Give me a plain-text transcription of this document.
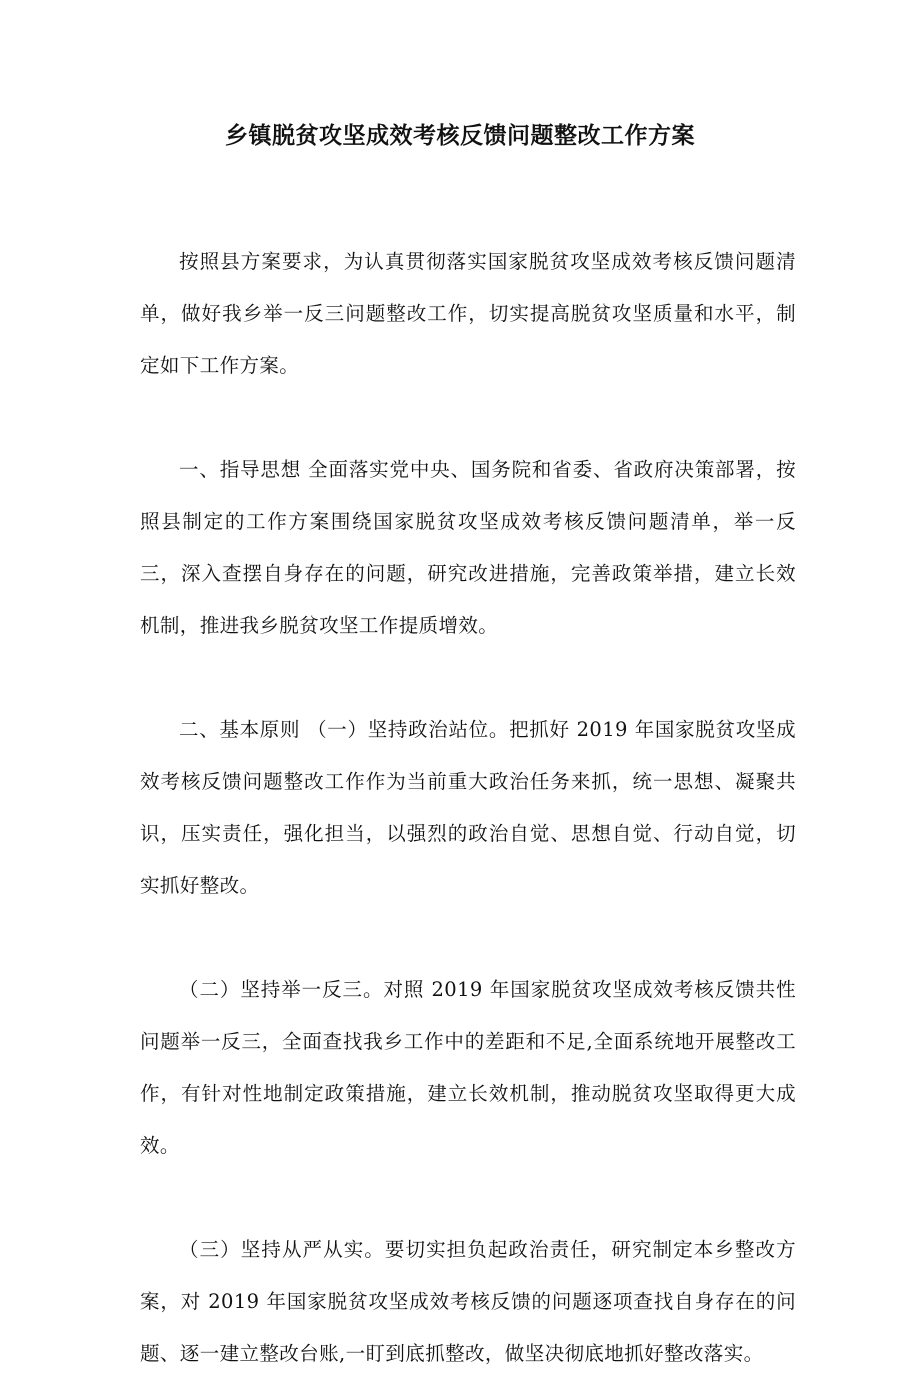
乡镇脱贫攻坚成效考核反馈问题整改工作方案

按照县方案要求，为认真贯彻落实国家脱贫攻坚成效考核反馈问题清单，做好我乡举一反三问题整改工作，切实提高脱贫攻坚质量和水平，制定如下工作方案。

一、指导思想 全面落实党中央、国务院和省委、省政府决策部署，按照县制定的工作方案围绕国家脱贫攻坚成效考核反馈问题清单，举一反三，深入查摆自身存在的问题，研究改进措施，完善政策举措，建立长效机制，推进我乡脱贫攻坚工作提质增效。

二、基本原则 （一）坚持政治站位。把抓好 2019 年国家脱贫攻坚成效考核反馈问题整改工作作为当前重大政治任务来抓，统一思想、凝聚共识，压实责任，强化担当，以强烈的政治自觉、思想自觉、行动自觉，切实抓好整改。

（二）坚持举一反三。对照 2019 年国家脱贫攻坚成效考核反馈共性问题举一反三，全面查找我乡工作中的差距和不足,全面系统地开展整改工作，有针对性地制定政策措施，建立长效机制，推动脱贫攻坚取得更大成效。

（三）坚持从严从实。要切实担负起政治责任，研究制定本乡整改方案，对 2019 年国家脱贫攻坚成效考核反馈的问题逐项查找自身存在的问题、逐一建立整改台账,一盯到底抓整改，做坚决彻底地抓好整改落实。
